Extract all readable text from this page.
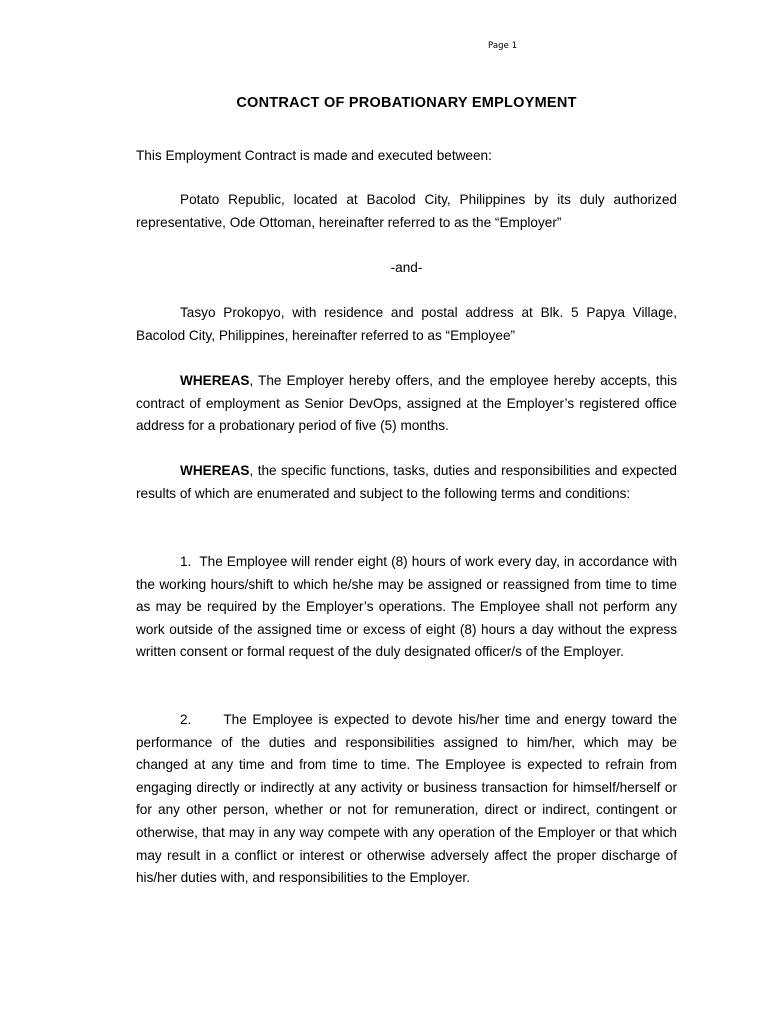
Page 1
CONTRACT OF PROBATIONARY EMPLOYMENT

This Employment Contract is made and executed between:

Potato Republic, located at Bacolod City, Philippines by its duly authorized representative, Ode Ottoman, hereinafter referred to as the “Employer”

-and-

Tasyo Prokopyo, with residence and postal address at Blk. 5 Papya Village, Bacolod City, Philippines, hereinafter referred to as “Employee”

WHEREAS, The Employer hereby offers, and the employee hereby accepts, this contract of employment as Senior DevOps, assigned at the Employer’s registered office address for a probationary period of five (5) months.

WHEREAS, the specific functions, tasks, duties and responsibilities and expected results of which are enumerated and subject to the following terms and conditions:

1. The Employee will render eight (8) hours of work every day, in accordance with the working hours/shift to which he/she may be assigned or reassigned from time to time as may be required by the Employer’s operations. The Employee shall not perform any work outside of the assigned time or excess of eight (8) hours a day without the express written consent or formal request of the duly designated officer/s of the Employer.

2. The Employee is expected to devote his/her time and energy toward the performance of the duties and responsibilities assigned to him/her, which may be changed at any time and from time to time. The Employee is expected to refrain from engaging directly or indirectly at any activity or business transaction for himself/herself or for any other person, whether or not for remuneration, direct or indirect, contingent or otherwise, that may in any way compete with any operation of the Employer or that which may result in a conflict or interest or otherwise adversely affect the proper discharge of his/her duties with, and responsibilities to the Employer.
